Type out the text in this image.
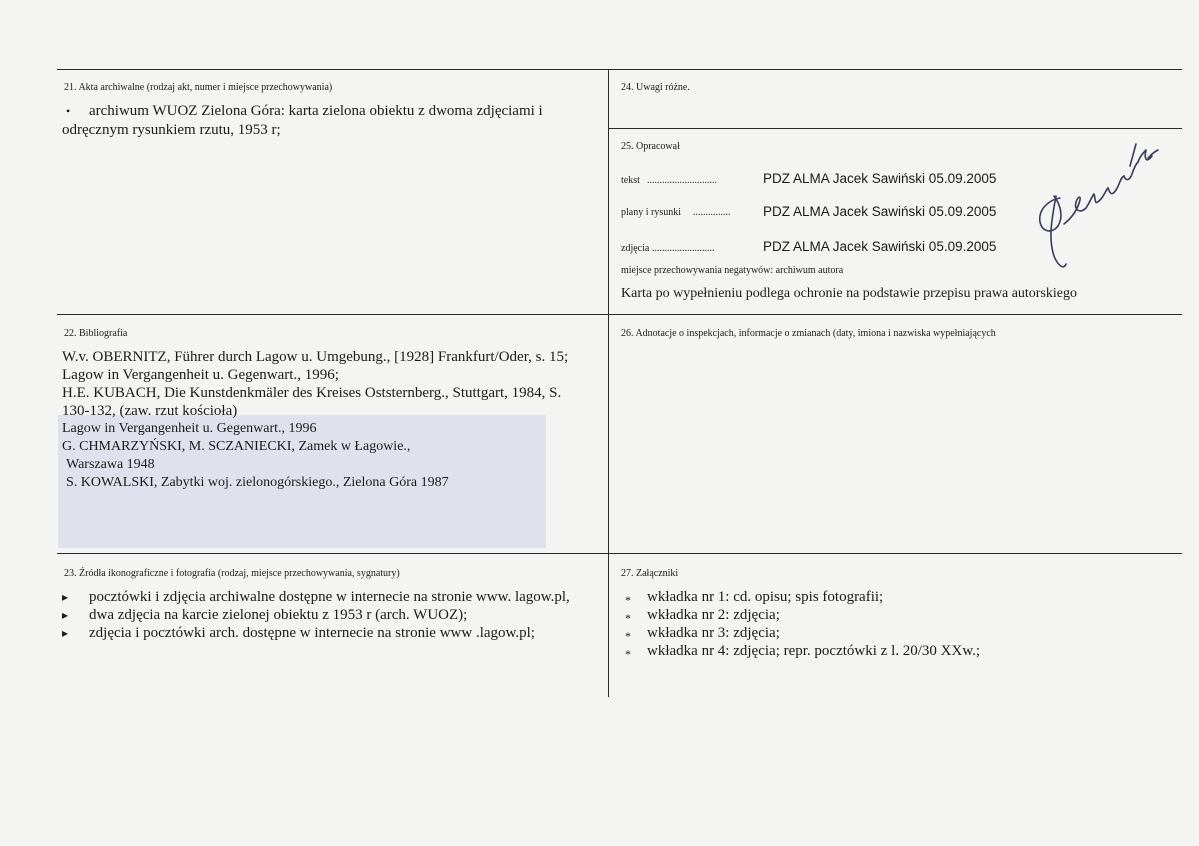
21. Akta archiwalne (rodzaj akt, numer i miejsce przechowywania)
• archiwum WUOZ Zielona Góra: karta zielona obiektu z dwoma zdjęciami i
odręcznym rysunkiem rzutu, 1953 r;
24. Uwagi różne.
25. Opracował
tekst ............................	PDZ ALMA Jacek Sawiński 05.09.2005
plany i rysunki ............... PDZ ALMA Jacek Sawiński 05.09.2005
zdjęcia .........................	PDZ ALMA Jacek Sawiński 05.09.2005
miejsce przechowywania negatywów: archiwum autora
Karta po wypełnieniu podlega ochronie na podstawie przepisu prawa autorskiego
22. Bibliografia
W.v. OBERNITZ, Führer durch Lagow u. Umgebung., [1928] Frankfurt/Oder, s. 15;
Lagow in Vergangenheit u. Gegenwart., 1996;
H.E. KUBACH, Die Kunstdenkmäler des Kreises Oststernberg., Stuttgart, 1984, S.
130-132, (zaw. rzut kościoła)
Lagow in Vergangenheit u. Gegenwart., 1996
G. CHMARZYŃSKI, M. SCZANIECKI, Zamek w Łagowie.,
Warszawa 1948
S. KOWALSKI, Zabytki woj. zielonogórskiego., Zielona Góra 1987
26. Adnotacje o inspekcjach, informacje o zmianach (daty, imiona i nazwiska wypełniających
23. Źródła ikonograficzne i fotografia (rodzaj, miejsce przechowywania, sygnatury)
▸ pocztówki i zdjęcia archiwalne dostępne w internecie na stronie www. lagow.pl,
▸ dwa zdjęcia na karcie zielonej obiektu z 1953 r (arch. WUOZ);
▸ zdjęcia i pocztówki arch. dostępne w internecie na stronie www .lagow.pl;
27. Załączniki
* wkładka nr 1: cd. opisu; spis fotografii;
* wkładka nr 2: zdjęcia;
* wkładka nr 3: zdjęcia;
* wkładka nr 4: zdjęcia; repr. pocztówki z l. 20/30 XXw.;
